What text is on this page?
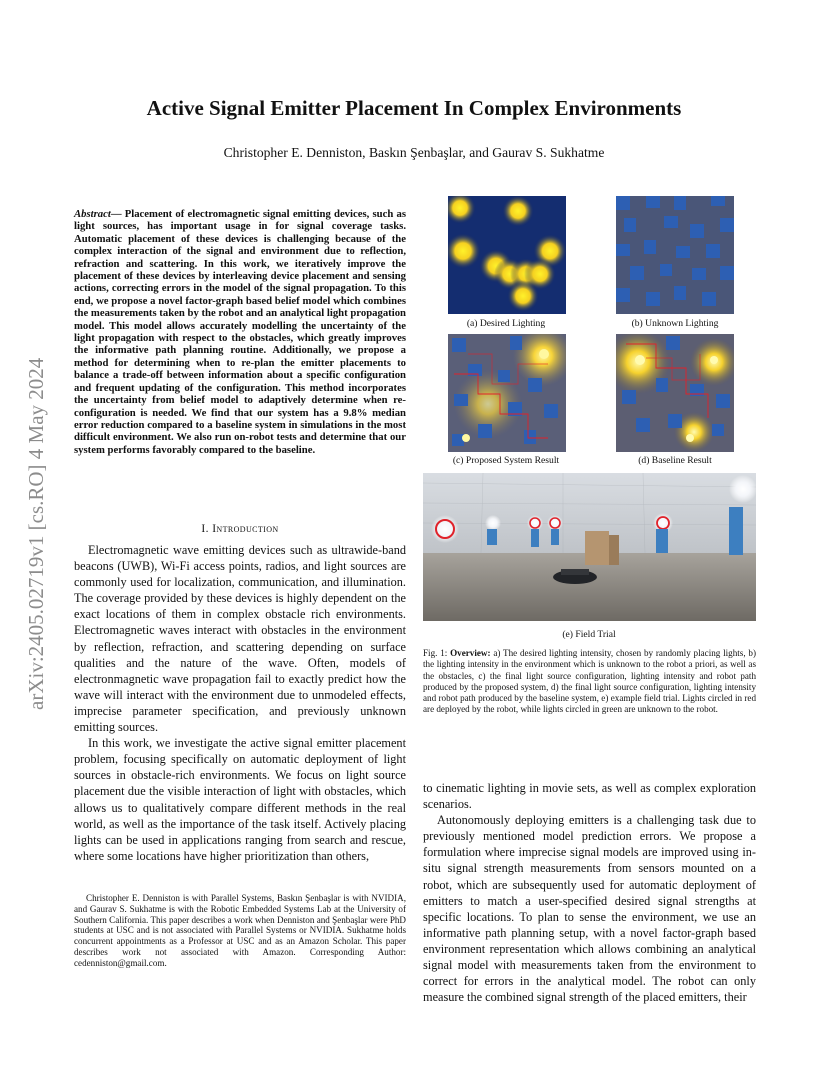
arXiv:2405.02719v1 [cs.RO] 4 May 2024
Active Signal Emitter Placement In Complex Environments
Christopher E. Denniston, Baskın Şenbaşlar, and Gaurav S. Sukhatme

Abstract— Placement of electromagnetic signal emitting devices, such as light sources, has important usage in for signal coverage tasks. Automatic placement of these devices is challenging because of the complex interaction of the signal and environment due to reflection, refraction and scattering. In this work, we iteratively improve the placement of these devices by interleaving device placement and sensing actions, correcting errors in the model of the signal propagation. To this end, we propose a novel factor-graph based belief model which combines the measurements taken by the robot and an analytical light propagation model. This model allows accurately modelling the uncertainty of the light propagation with respect to the obstacles, which greatly improves the informative path planning routine. Additionally, we propose a method for determining when to re-plan the emitter placements to balance a trade-off between information about a specific configuration and frequent updating of the configuration. This method incorporates the uncertainty from belief model to adaptively determine when re-configuration is needed. We find that our system has a 9.8% median error reduction compared to a baseline system in simulations in the most difficult environment. We also run on-robot tests and determine that our system performs favorably compared to the baseline.

I. Introduction

Electromagnetic wave emitting devices such as ultrawide-band beacons (UWB), Wi-Fi access points, radios, and light sources are commonly used for localization, communication, and illumination. The coverage provided by these devices is highly dependent on the exact locations of them in complex obstacle rich environments. Electromagnetic waves interact with obstacles in the environment by reflection, refraction, and scattering depending on surface qualities and the nature of the wave. Often, models of electronmagnetic wave propagation fail to exactly predict how the wave will interact with the environment due to unmodeled effects, imprecise parameter specification, and previously unknown emitting sources.

In this work, we investigate the active signal emitter placement problem, focusing specifically on automatic deployment of light sources in obstacle-rich environments. We focus on light source placement due the visible interaction of light with obstacles, which allows us to qualitatively compare different methods in the real world, as well as the importance of the task itself. Actively placing lights can be used in applications ranging from search and rescue, where some locations have higher prioritization than others,

Christopher E. Denniston is with Parallel Systems, Baskın Şenbaşlar is with NVIDIA, and Gaurav S. Sukhatme is with the Robotic Embedded Systems Lab at the University of Southern California. This paper describes a work when Denniston and Şenbaşlar were PhD students at USC and is not associated with Parallel Systems or NVIDIA. Sukhatme holds concurrent appointments as a Professor at USC and as an Amazon Scholar. This paper describes work not associated with Amazon. Corresponding Author: cedenniston@gmail.com.

(a) Desired Lighting	(b) Unknown Lighting
(c) Proposed System Result	(d) Baseline Result
(e) Field Trial

Fig. 1: Overview: a) The desired lighting intensity, chosen by randomly placing lights, b) the lighting intensity in the environment which is unknown to the robot a priori, as well as the obstacles, c) the final light source configuration, lighting intensity and robot path produced by the proposed system, d) the final light source configuration, lighting intensity and robot path produced by the baseline system, e) example field trial. Lights circled in red are deployed by the robot, while lights circled in green are unknown to the robot.

to cinematic lighting in movie sets, as well as complex exploration scenarios.

Autonomously deploying emitters is a challenging task due to previously mentioned model prediction errors. We propose a formulation where imprecise signal models are improved using in-situ signal strength measurements from sensors mounted on a robot, which are subsequently used for automatic deployment of emitters to match a user-specified desired signal strengths at specific locations. To plan to sense the environment, we use an informative path planning setup, with a novel factor-graph based environment representation which allows combining an analytical signal model with measurements taken from the environment to correct for errors in the analytical model. The robot can only measure the combined signal strength of the placed emitters, their
